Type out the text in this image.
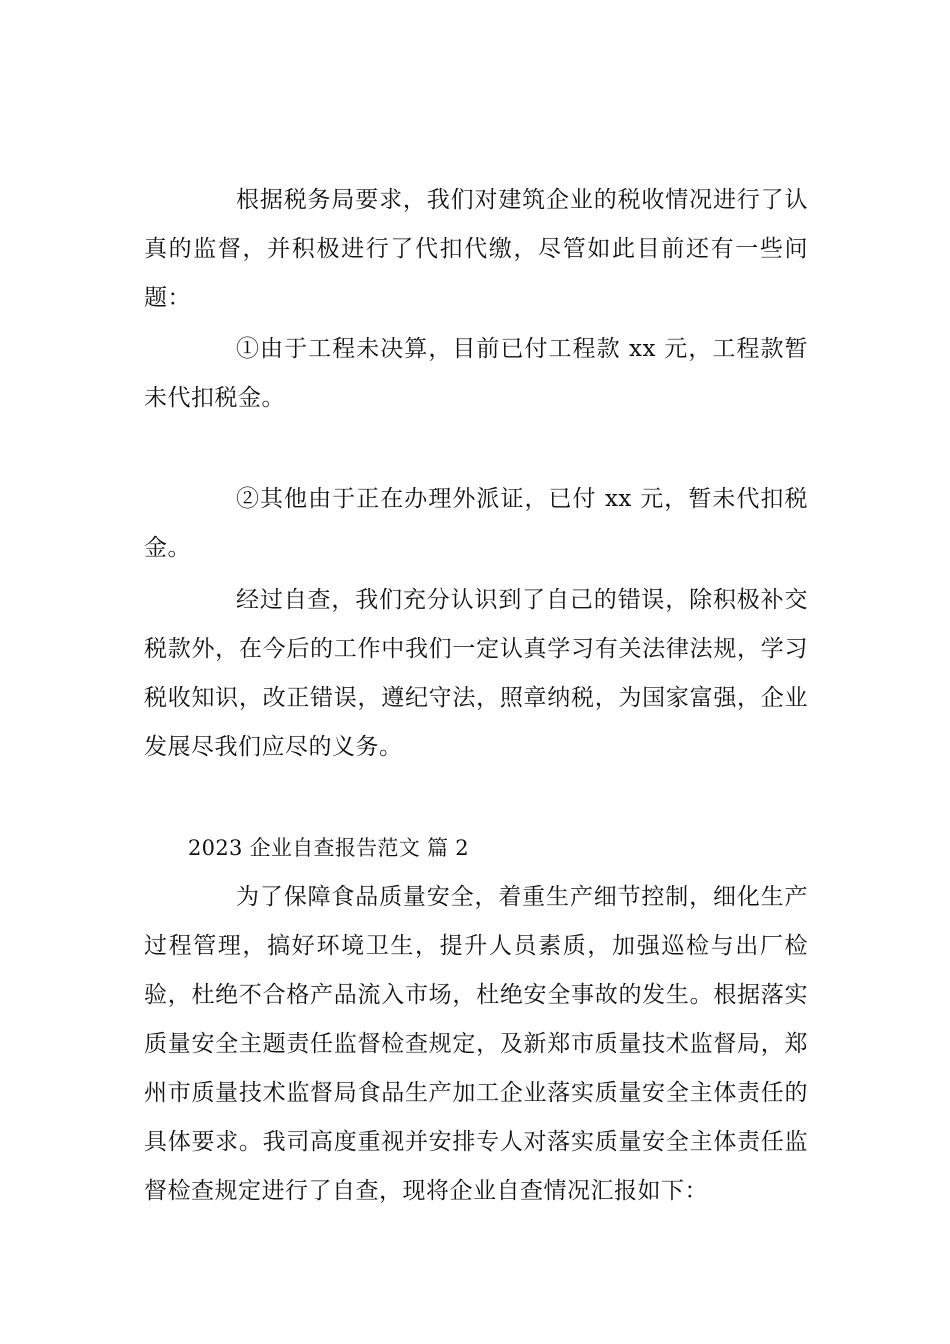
根据税务局要求，我们对建筑企业的税收情况进行了认真的监督，并积极进行了代扣代缴，尽管如此目前还有一些问题：

①由于工程未决算，目前已付工程款 xx 元，工程款暂未代扣税金。

②其他由于正在办理外派证，已付 xx 元，暂未代扣税金。

经过自查，我们充分认识到了自己的错误，除积极补交税款外，在今后的工作中我们一定认真学习有关法律法规，学习税收知识，改正错误，遵纪守法，照章纳税，为国家富强，企业发展尽我们应尽的义务。

2023 企业自查报告范文 篇 2

为了保障食品质量安全，着重生产细节控制，细化生产过程管理，搞好环境卫生，提升人员素质，加强巡检与出厂检验，杜绝不合格产品流入市场，杜绝安全事故的发生。根据落实质量安全主题责任监督检查规定，及新郑市质量技术监督局，郑州市质量技术监督局食品生产加工企业落实质量安全主体责任的具体要求。我司高度重视并安排专人对落实质量安全主体责任监督检查规定进行了自查，现将企业自查情况汇报如下：
